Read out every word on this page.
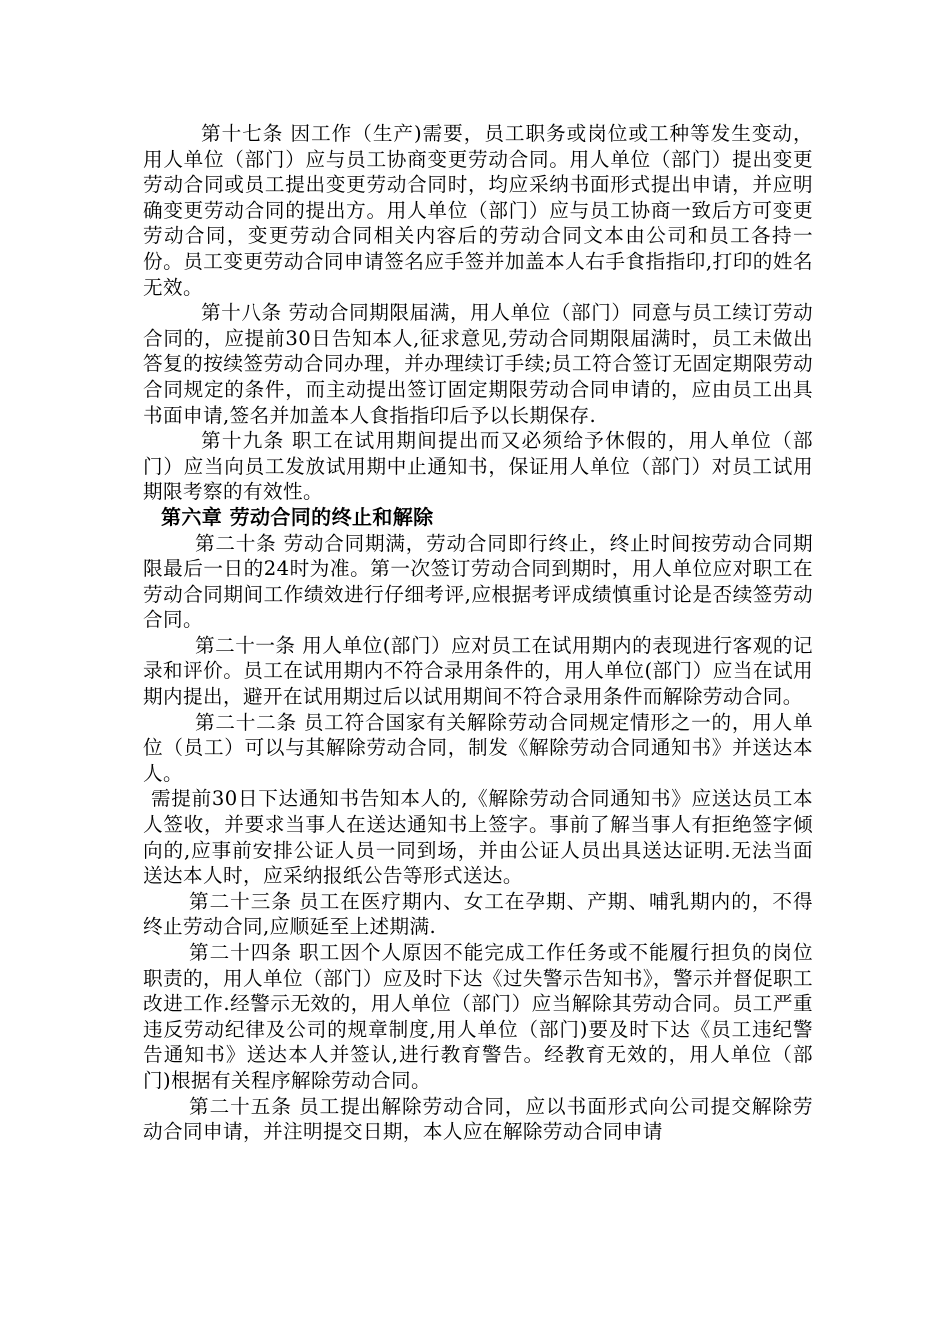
第十七条 因工作（生产)需要，员工职务或岗位或工种等发生变动，用人单位（部门）应与员工协商变更劳动合同。用人单位（部门）提出变更劳动合同或员工提出变更劳动合同时，均应采纳书面形式提出申请，并应明确变更劳动合同的提出方。用人单位（部门）应与员工协商一致后方可变更劳动合同，变更劳动合同相关内容后的劳动合同文本由公司和员工各持一份。员工变更劳动合同申请签名应手签并加盖本人右手食指指印,打印的姓名无效。

第十八条 劳动合同期限届满，用人单位（部门）同意与员工续订劳动合同的，应提前30日告知本人,征求意见,劳动合同期限届满时，员工未做出答复的按续签劳动合同办理，并办理续订手续;员工符合签订无固定期限劳动合同规定的条件，而主动提出签订固定期限劳动合同申请的，应由员工出具书面申请,签名并加盖本人食指指印后予以长期保存.

第十九条 职工在试用期间提出而又必须给予休假的，用人单位（部门）应当向员工发放试用期中止通知书，保证用人单位（部门）对员工试用期限考察的有效性。

第六章 劳动合同的终止和解除

第二十条 劳动合同期满，劳动合同即行终止，终止时间按劳动合同期限最后一日的24时为准。第一次签订劳动合同到期时，用人单位应对职工在劳动合同期间工作绩效进行仔细考评,应根据考评成绩慎重讨论是否续签劳动合同。

第二十一条 用人单位(部门）应对员工在试用期内的表现进行客观的记录和评价。员工在试用期内不符合录用条件的，用人单位(部门）应当在试用期内提出，避开在试用期过后以试用期间不符合录用条件而解除劳动合同。

第二十二条 员工符合国家有关解除劳动合同规定情形之一的，用人单位（员工）可以与其解除劳动合同，制发《解除劳动合同通知书》并送达本人。

需提前30日下达通知书告知本人的,《解除劳动合同通知书》应送达员工本人签收，并要求当事人在送达通知书上签字。事前了解当事人有拒绝签字倾向的,应事前安排公证人员一同到场，并由公证人员出具送达证明.无法当面送达本人时，应采纳报纸公告等形式送达。

第二十三条 员工在医疗期内、女工在孕期、产期、哺乳期内的，不得终止劳动合同,应顺延至上述期满.

第二十四条 职工因个人原因不能完成工作任务或不能履行担负的岗位职责的，用人单位（部门）应及时下达《过失警示告知书》，警示并督促职工改进工作.经警示无效的，用人单位（部门）应当解除其劳动合同。员工严重违反劳动纪律及公司的规章制度,用人单位（部门)要及时下达《员工违纪警告通知书》送达本人并签认,进行教育警告。经教育无效的，用人单位（部门)根据有关程序解除劳动合同。

第二十五条 员工提出解除劳动合同，应以书面形式向公司提交解除劳动合同申请，并注明提交日期，本人应在解除劳动合同申请
